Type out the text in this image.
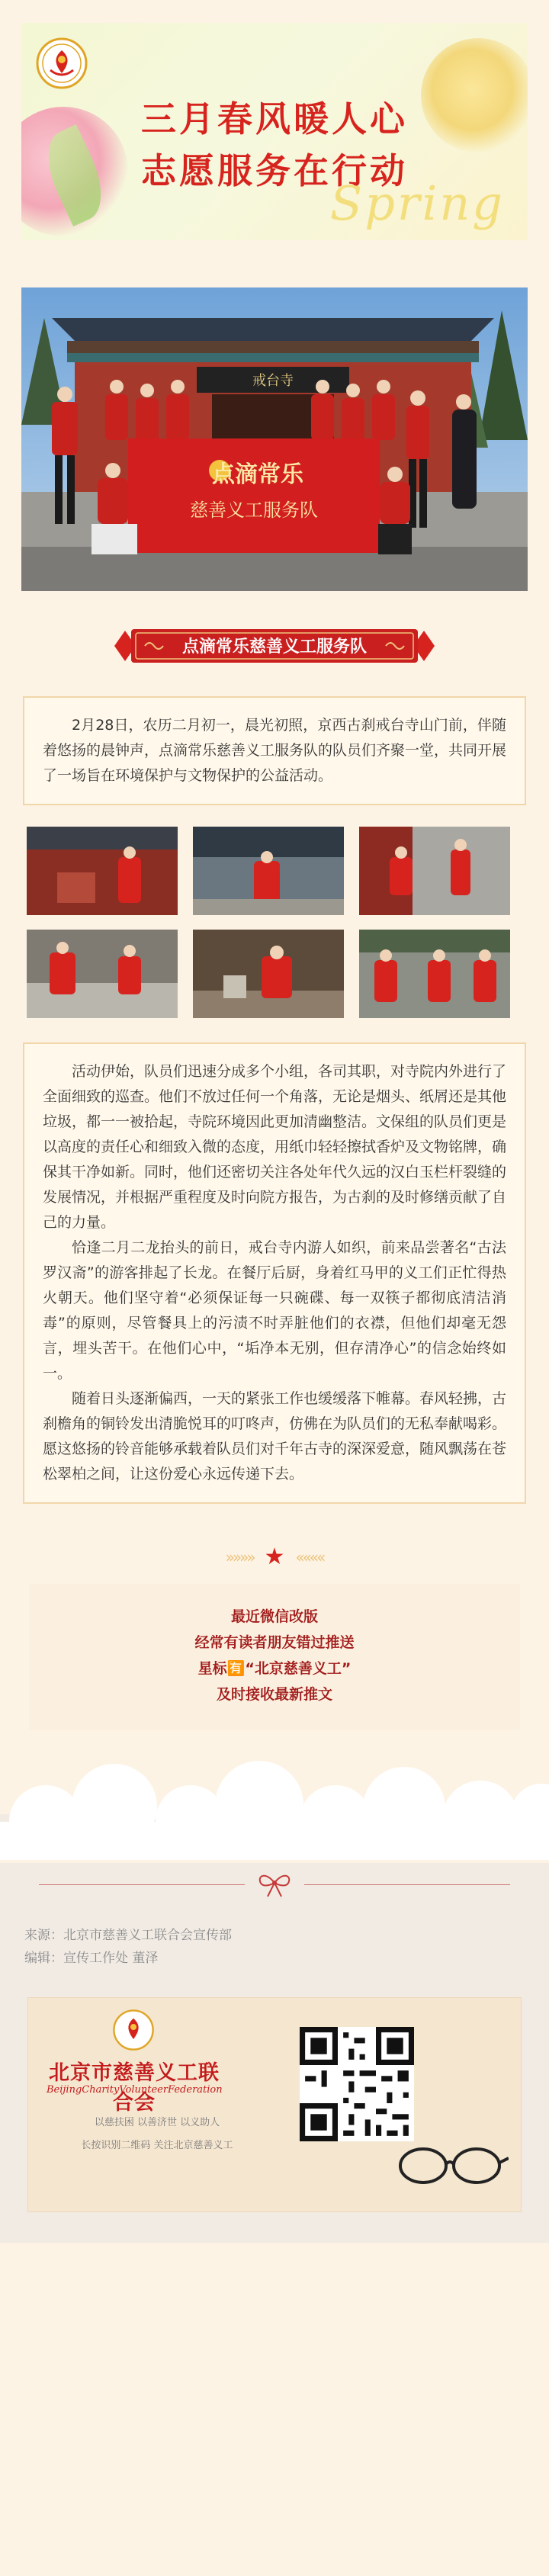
三月春风暖人心
志愿服务在行动
Spring
戒台寺
点滴常乐
慈善义工服务队
点滴常乐慈善义工服务队

2月28日，农历二月初一，晨光初照，京西古刹戒台寺山门前，伴随着悠扬的晨钟声，点滴常乐慈善义工服务队的队员们齐聚一堂，共同开展了一场旨在环境保护与文物保护的公益活动。

活动伊始，队员们迅速分成多个小组，各司其职，对寺院内外进行了全面细致的巡查。他们不放过任何一个角落，无论是烟头、纸屑还是其他垃圾，都一一被拾起，寺院环境因此更加清幽整洁。文保组的队员们更是以高度的责任心和细致入微的态度，用纸巾轻轻擦拭香炉及文物铭牌，确保其干净如新。同时，他们还密切关注各处年代久远的汉白玉栏杆裂缝的发展情况，并根据严重程度及时向院方报告，为古刹的及时修缮贡献了自己的力量。

恰逢二月二龙抬头的前日，戒台寺内游人如织，前来品尝著名“古法罗汉斋”的游客排起了长龙。在餐厅后厨，身着红马甲的义工们正忙得热火朝天。他们坚守着“必须保证每一只碗碟、每一双筷子都彻底清洁消毒”的原则，尽管餐具上的污渍不时弄脏他们的衣襟，但他们却毫无怨言，埋头苦干。在他们心中，“垢净本无别，但存清净心”的信念始终如一。

随着日头逐渐偏西，一天的紧张工作也缓缓落下帷幕。春风轻拂，古刹檐角的铜铃发出清脆悦耳的叮咚声，仿佛在为队员们的无私奉献喝彩。愿这悠扬的铃音能够承载着队员们对千年古寺的深深爱意，随风飘荡在苍松翠柏之间，让这份爱心永远传递下去。

»»»» ★ ««««
最近微信改版
经常有读者朋友错过推送
星标🈶“北京慈善义工”
及时接收最新推文
来源：北京市慈善义工联合会宣传部
编辑：宣传工作处 董泽
北京市慈善义工联合会
BeijingCharityVolunteerFederation
以慈扶困 以善济世 以义助人
长按识别二维码 关注北京慈善义工
